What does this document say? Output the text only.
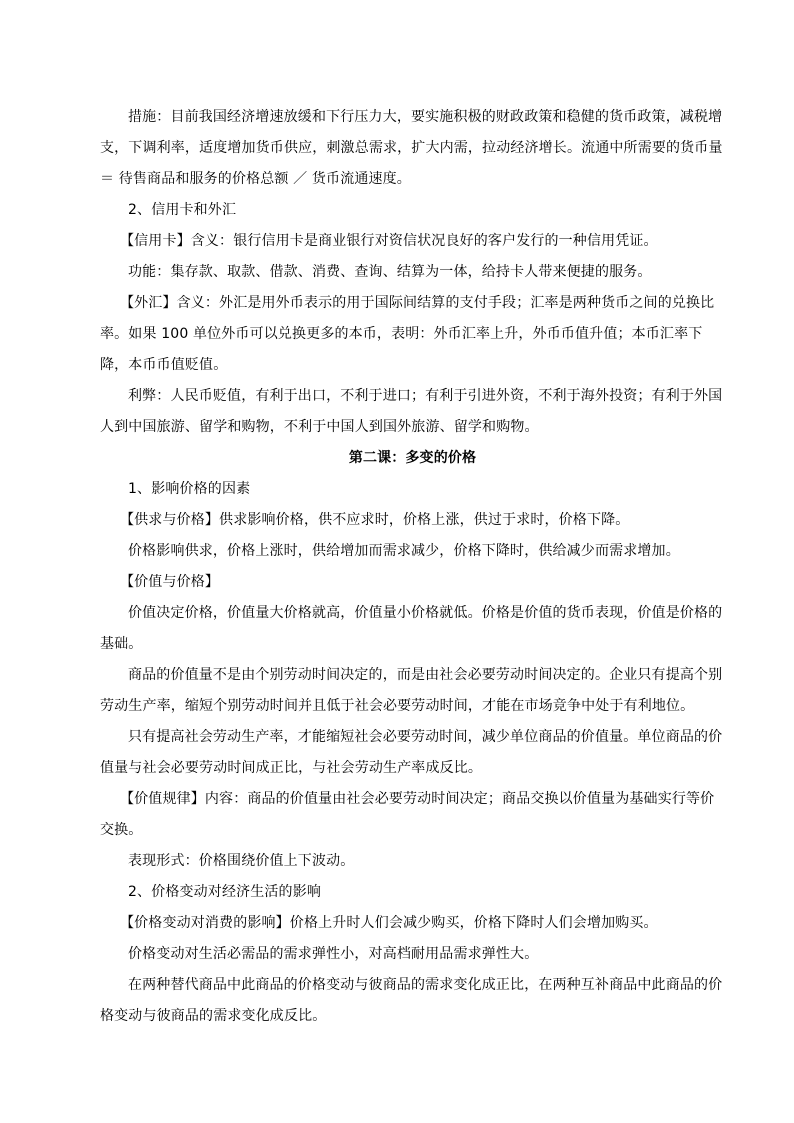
措施：目前我国经济增速放缓和下行压力大，要实施积极的财政政策和稳健的货币政策，减税增支，下调利率，适度增加货币供应，刺激总需求，扩大内需，拉动经济增长。流通中所需要的货币量 ＝ 待售商品和服务的价格总额 ／ 货币流通速度。

2、信用卡和外汇

【信用卡】含义：银行信用卡是商业银行对资信状况良好的客户发行的一种信用凭证。

功能：集存款、取款、借款、消费、查询、结算为一体，给持卡人带来便捷的服务。

【外汇】含义：外汇是用外币表示的用于国际间结算的支付手段；汇率是两种货币之间的兑换比率。如果 100 单位外币可以兑换更多的本币，表明：外币汇率上升，外币币值升值；本币汇率下降，本币币值贬值。

利弊：人民币贬值，有利于出口，不利于进口；有利于引进外资，不利于海外投资；有利于外国人到中国旅游、留学和购物，不利于中国人到国外旅游、留学和购物。

第二课：多变的价格

1、影响价格的因素

【供求与价格】供求影响价格，供不应求时，价格上涨，供过于求时，价格下降。

价格影响供求，价格上涨时，供给增加而需求减少，价格下降时，供给减少而需求增加。

【价值与价格】

价值决定价格，价值量大价格就高，价值量小价格就低。价格是价值的货币表现，价值是价格的基础。

商品的价值量不是由个别劳动时间决定的，而是由社会必要劳动时间决定的。企业只有提高个别劳动生产率，缩短个别劳动时间并且低于社会必要劳动时间，才能在市场竞争中处于有利地位。

只有提高社会劳动生产率，才能缩短社会必要劳动时间，减少单位商品的价值量。单位商品的价值量与社会必要劳动时间成正比，与社会劳动生产率成反比。

【价值规律】内容：商品的价值量由社会必要劳动时间决定；商品交换以价值量为基础实行等价交换。

表现形式：价格围绕价值上下波动。

2、价格变动对经济生活的影响

【价格变动对消费的影响】价格上升时人们会减少购买，价格下降时人们会增加购买。

价格变动对生活必需品的需求弹性小，对高档耐用品需求弹性大。

在两种替代商品中此商品的价格变动与彼商品的需求变化成正比，在两种互补商品中此商品的价格变动与彼商品的需求变化成反比。
